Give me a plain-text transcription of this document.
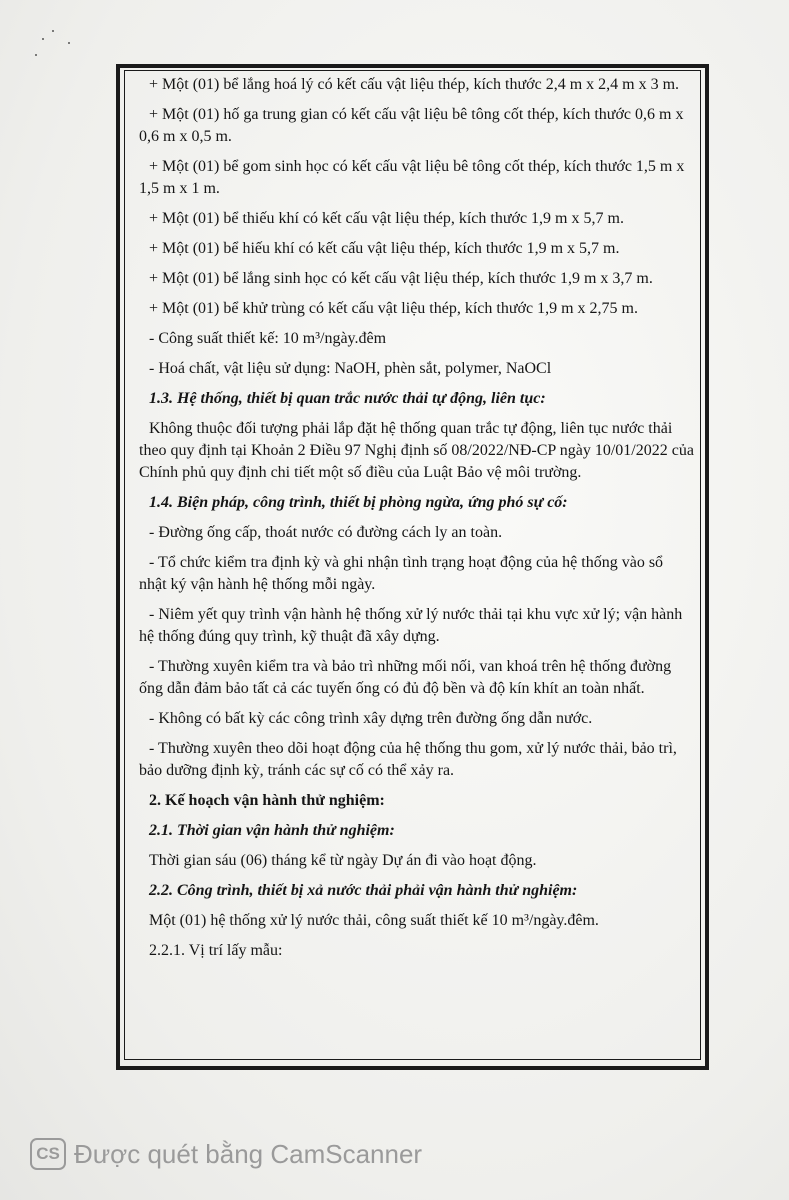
+ Một (01) bể lắng hoá lý có kết cấu vật liệu thép, kích thước 2,4 m x 2,4 m x 3 m.

+ Một (01) hố ga trung gian có kết cấu vật liệu bê tông cốt thép, kích thước 0,6 m x 0,6 m x 0,5 m.

+ Một (01) bể gom sinh học có kết cấu vật liệu bê tông cốt thép, kích thước 1,5 m x 1,5 m x 1 m.

+ Một (01) bể thiếu khí có kết cấu vật liệu thép, kích thước 1,9 m x 5,7 m.

+ Một (01) bể hiếu khí có kết cấu vật liệu thép, kích thước 1,9 m x 5,7 m.

+ Một (01) bể lắng sinh học có kết cấu vật liệu thép, kích thước 1,9 m x 3,7 m.

+ Một (01) bể khử trùng có kết cấu vật liệu thép, kích thước 1,9 m x 2,75 m.

- Công suất thiết kế: 10 m³/ngày.đêm

- Hoá chất, vật liệu sử dụng: NaOH, phèn sắt, polymer, NaOCl

1.3. Hệ thống, thiết bị quan trắc nước thải tự động, liên tục:

Không thuộc đối tượng phải lắp đặt hệ thống quan trắc tự động, liên tục nước thải theo quy định tại Khoản 2 Điều 97 Nghị định số 08/2022/NĐ-CP ngày 10/01/2022 của Chính phủ quy định chi tiết một số điều của Luật Bảo vệ môi trường.

1.4. Biện pháp, công trình, thiết bị phòng ngừa, ứng phó sự cố:

- Đường ống cấp, thoát nước có đường cách ly an toàn.

- Tổ chức kiểm tra định kỳ và ghi nhận tình trạng hoạt động của hệ thống vào sổ nhật ký vận hành hệ thống mỗi ngày.

- Niêm yết quy trình vận hành hệ thống xử lý nước thải tại khu vực xử lý; vận hành hệ thống đúng quy trình, kỹ thuật đã xây dựng.

- Thường xuyên kiểm tra và bảo trì những mối nối, van khoá trên hệ thống đường ống dẫn đảm bảo tất cả các tuyến ống có đủ độ bền và độ kín khít an toàn nhất.

- Không có bất kỳ các công trình xây dựng trên đường ống dẫn nước.

- Thường xuyên theo dõi hoạt động của hệ thống thu gom, xử lý nước thải, bảo trì, bảo dưỡng định kỳ, tránh các sự cố có thể xảy ra.

2. Kế hoạch vận hành thử nghiệm:

2.1. Thời gian vận hành thử nghiệm:

Thời gian sáu (06) tháng kể từ ngày Dự án đi vào hoạt động.

2.2. Công trình, thiết bị xả nước thải phải vận hành thử nghiệm:

Một (01) hệ thống xử lý nước thải, công suất thiết kế 10 m³/ngày.đêm.

2.2.1. Vị trí lấy mẫu:

CS Được quét bằng CamScanner
